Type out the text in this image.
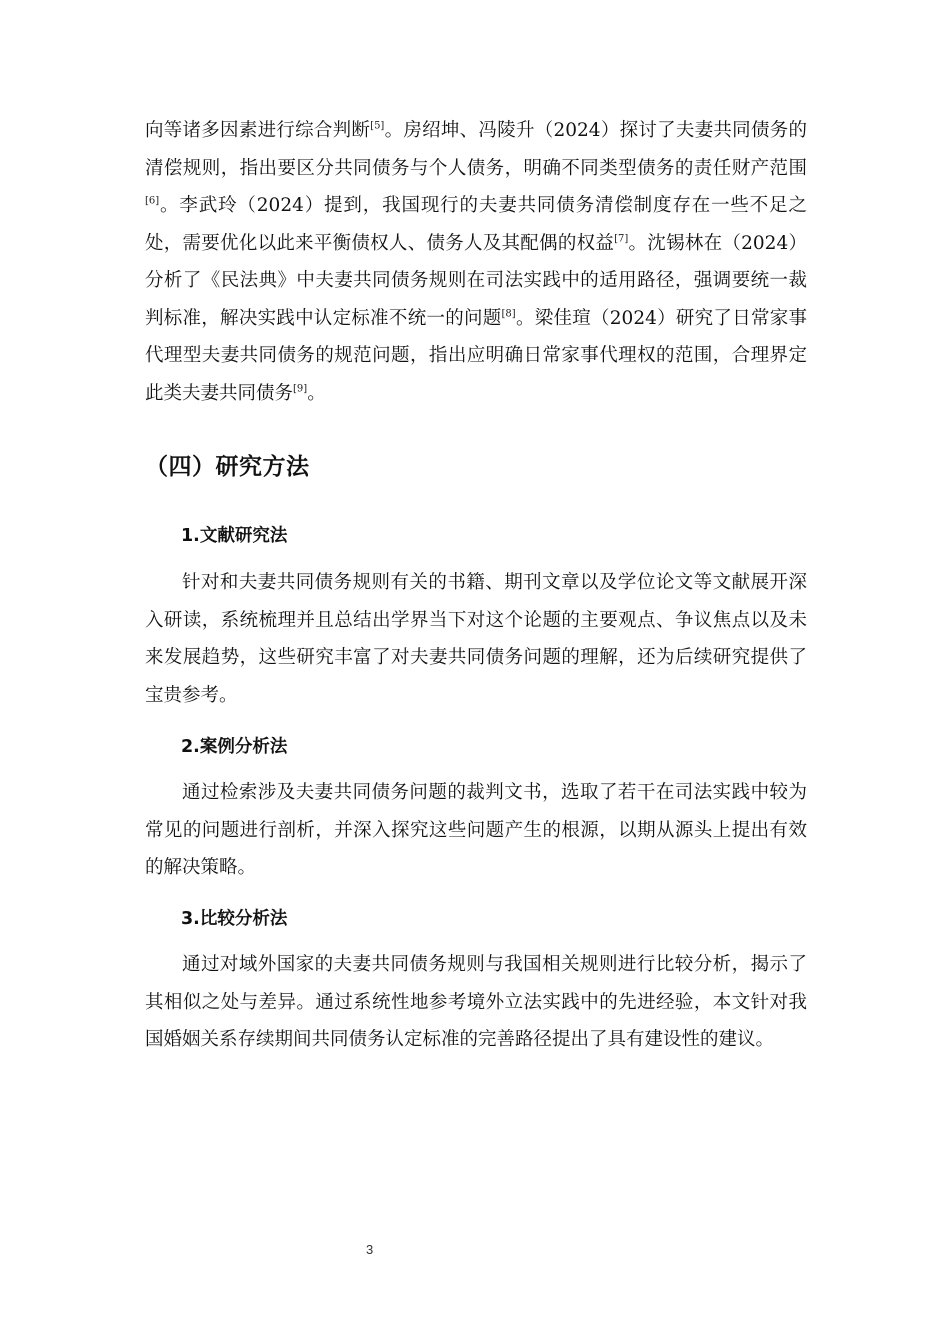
向等诸多因素进行综合判断[5]。房绍坤、冯陵升（2024）探讨了夫妻共同债务的清偿规则，指出要区分共同债务与个人债务，明确不同类型债务的责任财产范围[6]。李武玲（2024）提到，我国现行的夫妻共同债务清偿制度存在一些不足之处，需要优化以此来平衡债权人、债务人及其配偶的权益[7]。沈锡林在（2024）分析了《民法典》中夫妻共同债务规则在司法实践中的适用路径，强调要统一裁判标准，解决实践中认定标准不统一的问题[8]。梁佳瑄（2024）研究了日常家事代理型夫妻共同债务的规范问题，指出应明确日常家事代理权的范围，合理界定此类夫妻共同债务[9]。

（四）研究方法
1.文献研究法

针对和夫妻共同债务规则有关的书籍、期刊文章以及学位论文等文献展开深入研读，系统梳理并且总结出学界当下对这个论题的主要观点、争议焦点以及未来发展趋势，这些研究丰富了对夫妻共同债务问题的理解，还为后续研究提供了宝贵参考。

2.案例分析法

通过检索涉及夫妻共同债务问题的裁判文书，选取了若干在司法实践中较为常见的问题进行剖析，并深入探究这些问题产生的根源，以期从源头上提出有效的解决策略。

3.比较分析法

通过对域外国家的夫妻共同债务规则与我国相关规则进行比较分析，揭示了其相似之处与差异。通过系统性地参考境外立法实践中的先进经验，本文针对我国婚姻关系存续期间共同债务认定标准的完善路径提出了具有建设性的建议。

3
